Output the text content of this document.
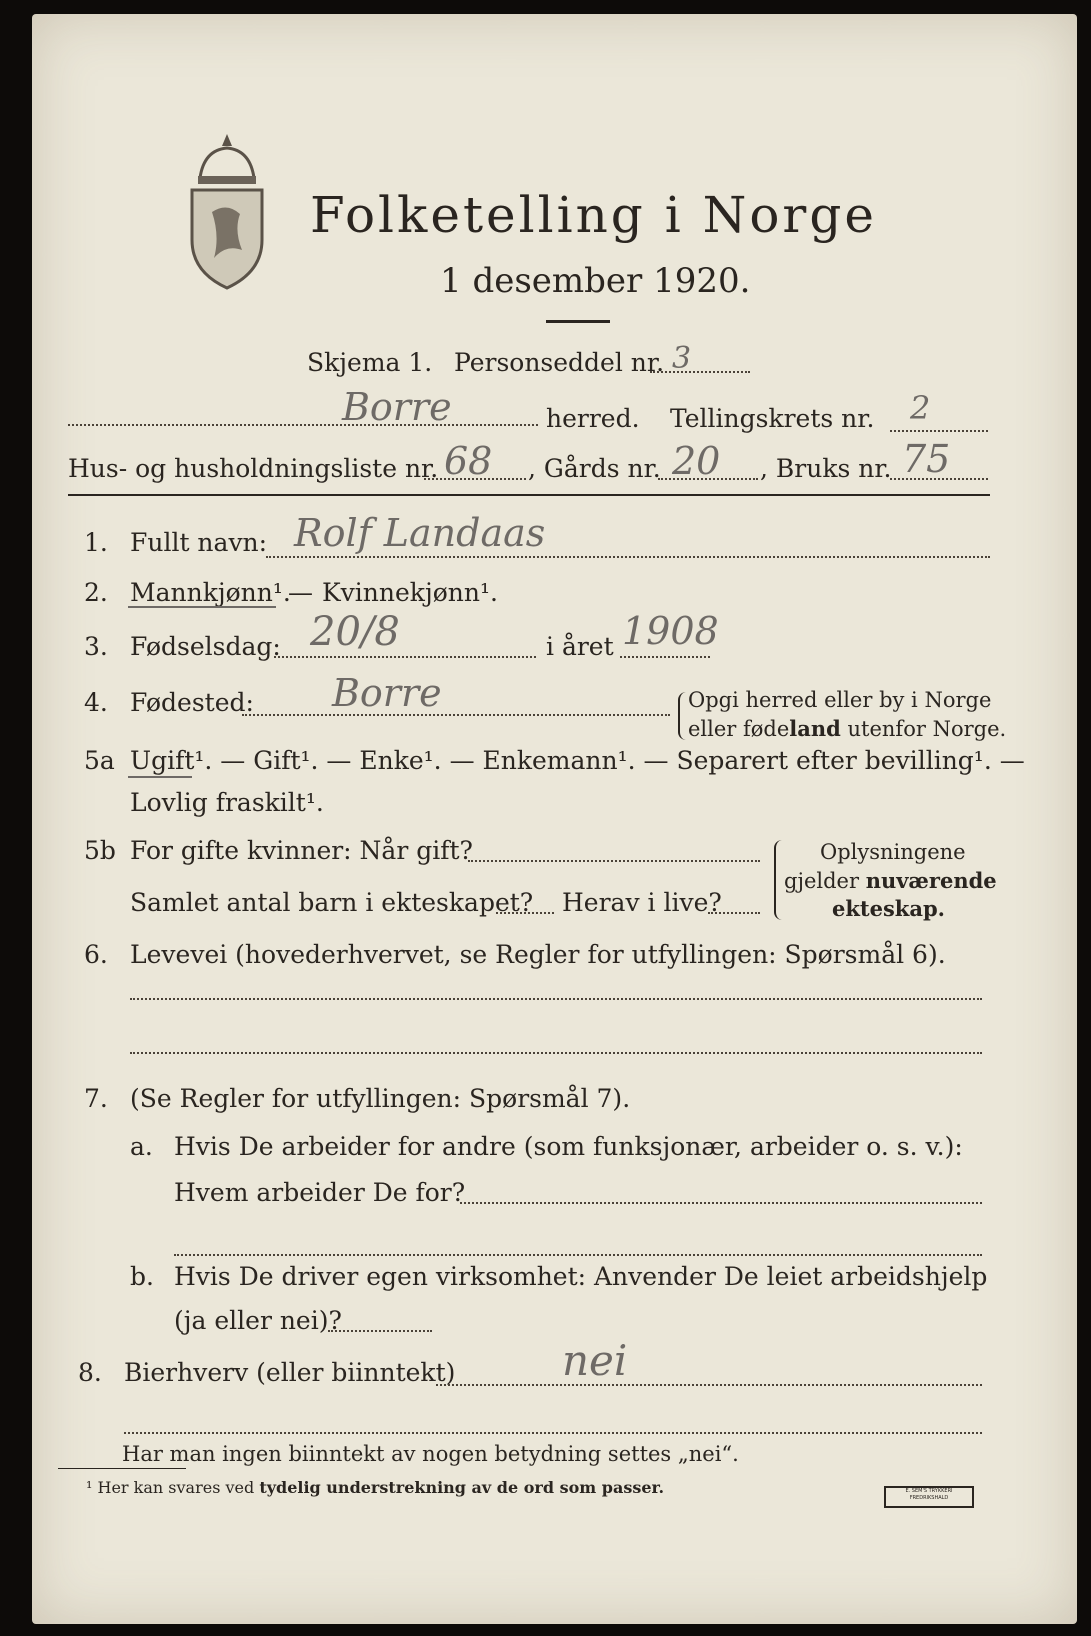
Folketelling i Norge
1 desember 1920.
Skjema 1. Personseddel nr. 3
Borre	herred. Tellingskrets nr. 2
Hus- og husholdningsliste nr. 68 , Gårds nr. 20 , Bruks nr. 75
1. Fullt navn: Rolf Landaas
2. Mannkjønn¹.
— Kvinnekjønn¹.
3. Fødselsdag: 20/8	i året 1908
4. Fødested: Borre	Opgi herred eller by i Norge
eller fødeland utenfor Norge.
5a Ugift¹. — Gift¹. — Enke¹. — Enkemann¹. — Separert efter bevilling¹. —
Lovlig fraskilt¹.
5b For gifte kvinner: Når gift?
Samlet antal barn i ekteskapet? Herav i live?
Oplysningene
gjelder nuværende
ekteskap.
6. Levevei (hovederhvervet, se Regler for utfyllingen: Spørsmål 6).
7. (Se Regler for utfyllingen: Spørsmål 7).
a. Hvis De arbeider for andre (som funksjonær, arbeider o. s. v.):
Hvem arbeider De for?
b. Hvis De driver egen virksomhet: Anvender De leiet arbeidshjelp
(ja eller nei)?
8. Bierhverv (eller biinntekt)	nei
Har man ingen biinntekt av nogen betydning settes „nei“.
¹ Her kan svares ved tydelig understrekning av de ord som passer.	E. SEM'S TRYKKERI
FREDRIKSHALD
